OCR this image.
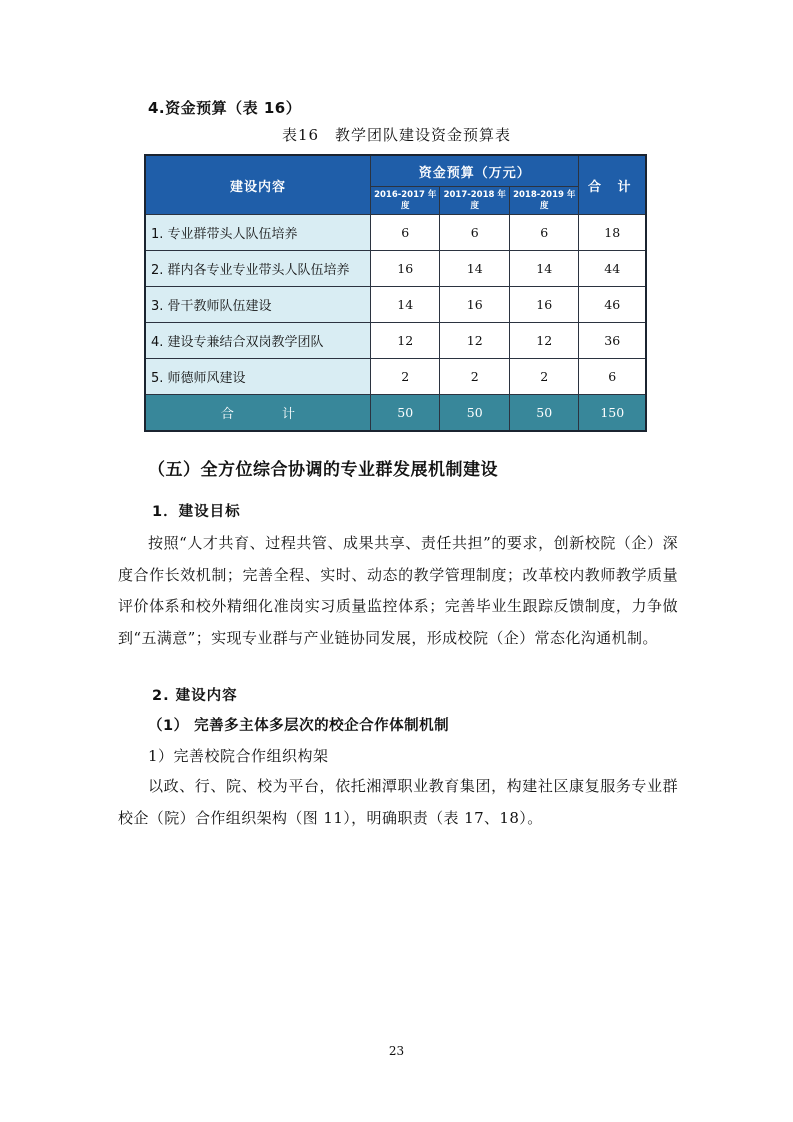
4.资金预算（表 16）
表16　教学团队建设资金预算表
建设内容	资金预算（万元）			合 计
	2016-2017 年度	2017-2018 年度	2018-2019 年度	
1. 专业群带头人队伍培养	6	6	6	18
2. 群内各专业专业带头人队伍培养	16	14	14	44
3. 骨干教师队伍建设	14	16	16	46
4. 建设专兼结合双岗教学团队	12	12	12	36
5. 师德师风建设	2	2	2	6
合 计	50	50	50	150
（五）全方位综合协调的专业群发展机制建设
1．建设目标

按照“人才共育、过程共管、成果共享、责任共担”的要求，创新校院（企）深度合作长效机制；完善全程、实时、动态的教学管理制度；改革校内教师教学质量评价体系和校外精细化准岗实习质量监控体系；完善毕业生跟踪反馈制度，力争做到“五满意”；实现专业群与产业链协同发展，形成校院（企）常态化沟通机制。

2. 建设内容
（1） 完善多主体多层次的校企合作体制机制
1）完善校院合作组织构架

以政、行、院、校为平台，依托湘潭职业教育集团，构建社区康复服务专业群校企（院）合作组织架构（图 11），明确职责（表 17、18）。

23
